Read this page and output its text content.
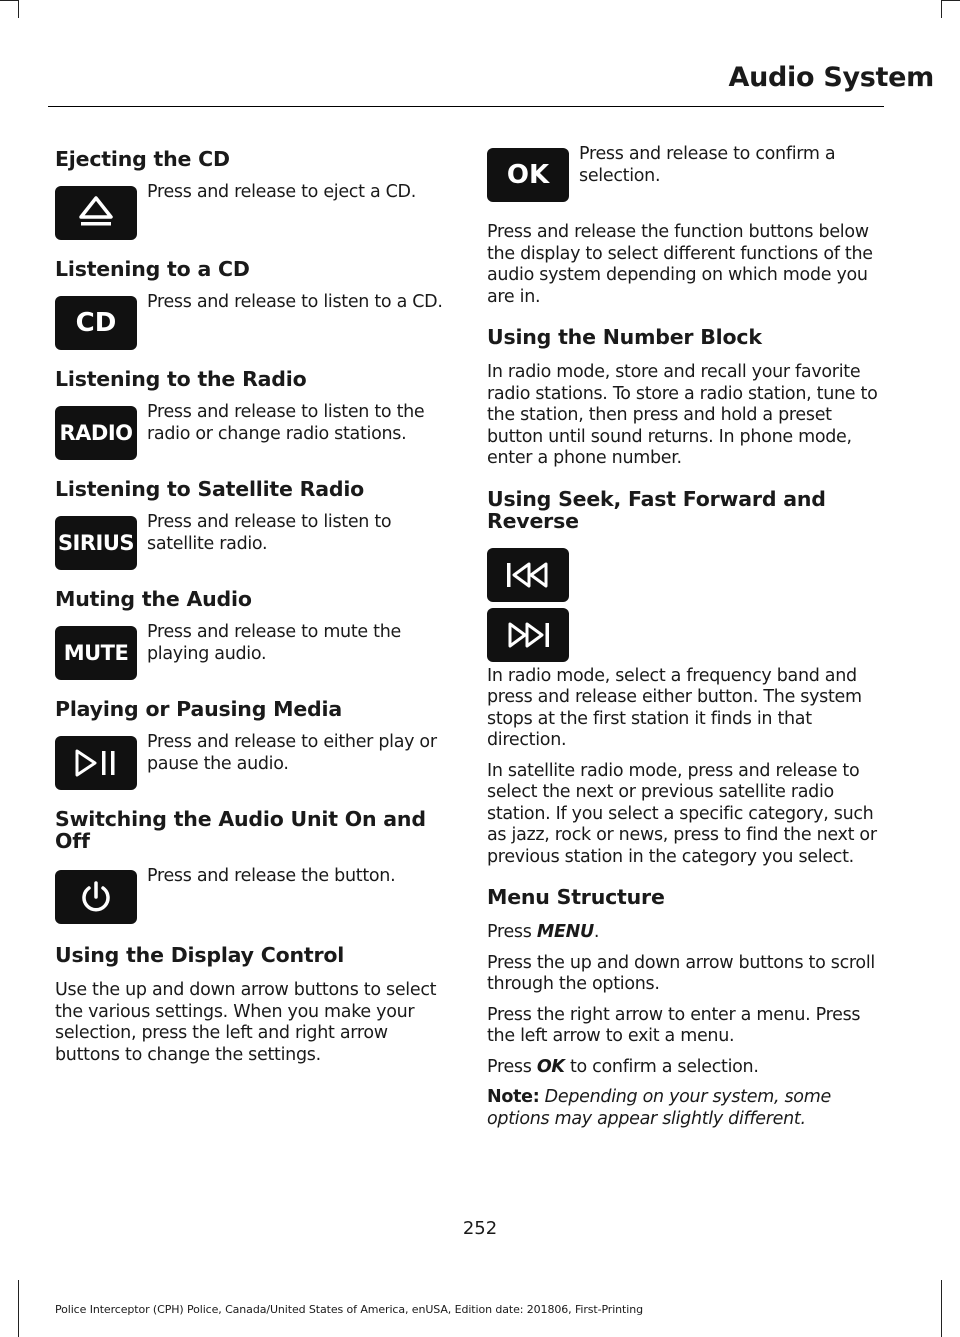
Audio System
Ejecting the CD

Press and release to eject a CD.

Listening to a CD
CD

Press and release to listen to a CD.

Listening to the Radio
RADIO

Press and release to listen to the radio or change radio stations.

Listening to Satellite Radio
SIRIUS

Press and release to listen to satellite radio.

Muting the Audio
MUTE

Press and release to mute the playing audio.

Playing or Pausing Media

Press and release to either play or pause the audio.

Switching the Audio Unit On and Off

Press and release the button.

Using the Display Control

Use the up and down arrow buttons to select the various settings. When you make your selection, press the left and right arrow buttons to change the settings.

OK

Press and release to confirm a selection.

Press and release the function buttons below the display to select different functions of the audio system depending on which mode you are in.

Using the Number Block

In radio mode, store and recall your favorite radio stations. To store a radio station, tune to the station, then press and hold a preset button until sound returns. In phone mode, enter a phone number.

Using Seek, Fast Forward and Reverse

In radio mode, select a frequency band and press and release either button. The system stops at the first station it finds in that direction.

In satellite radio mode, press and release to select the next or previous satellite radio station. If you select a specific category, such as jazz, rock or news, press to find the next or previous station in the category you select.

Menu Structure

Press MENU.

Press the up and down arrow buttons to scroll through the options.

Press the right arrow to enter a menu. Press the left arrow to exit a menu.

Press OK to confirm a selection.

Note: Depending on your system, some options may appear slightly different.

252
Police Interceptor (CPH) Police, Canada/United States of America, enUSA, Edition date: 201806, First-Printing
